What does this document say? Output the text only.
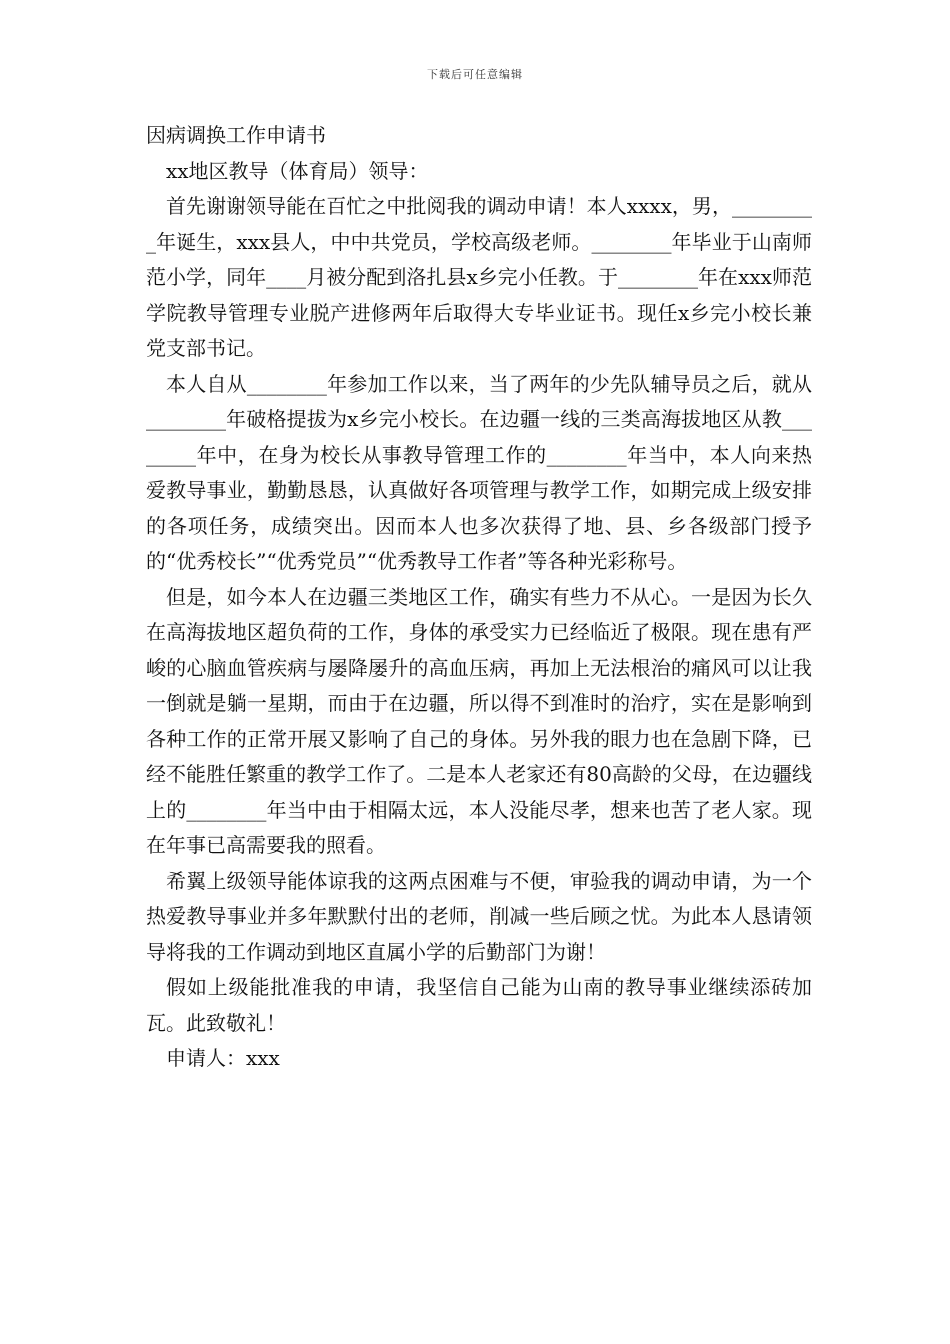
下载后可任意编辑

因病调换工作申请书

xx地区教导（体育局）领导：

首先谢谢领导能在百忙之中批阅我的调动申请！本人xxxx，男，_________年诞生，xxx县人，中中共党员，学校高级老师。________年毕业于山南师范小学，同年____月被分配到洛扎县x乡完小任教。于________年在xxx师范学院教导管理专业脱产进修两年后取得大专毕业证书。现任x乡完小校长兼党支部书记。

本人自从________年参加工作以来，当了两年的少先队辅导员之后，就从________年破格提拔为x乡完小校长。在边疆一线的三类高海拔地区从教________年中，在身为校长从事教导管理工作的________年当中，本人向来热爱教导事业，勤勤恳恳，认真做好各项管理与教学工作，如期完成上级安排的各项任务，成绩突出。因而本人也多次获得了地、县、乡各级部门授予的“优秀校长”“优秀党员”“优秀教导工作者”等各种光彩称号。

但是，如今本人在边疆三类地区工作，确实有些力不从心。一是因为长久在高海拔地区超负荷的工作，身体的承受实力已经临近了极限。现在患有严峻的心脑血管疾病与屡降屡升的高血压病，再加上无法根治的痛风可以让我一倒就是躺一星期，而由于在边疆，所以得不到准时的治疗，实在是影响到各种工作的正常开展又影响了自己的身体。另外我的眼力也在急剧下降，已经不能胜任繁重的教学工作了。二是本人老家还有80高龄的父母，在边疆线上的________年当中由于相隔太远，本人没能尽孝，想来也苦了老人家。现在年事已高需要我的照看。

希翼上级领导能体谅我的这两点困难与不便，审验我的调动申请，为一个热爱教导事业并多年默默付出的老师，削减一些后顾之忧。为此本人恳请领导将我的工作调动到地区直属小学的后勤部门为谢！

假如上级能批准我的申请，我坚信自己能为山南的教导事业继续添砖加瓦。此致敬礼！

申请人：xxx
